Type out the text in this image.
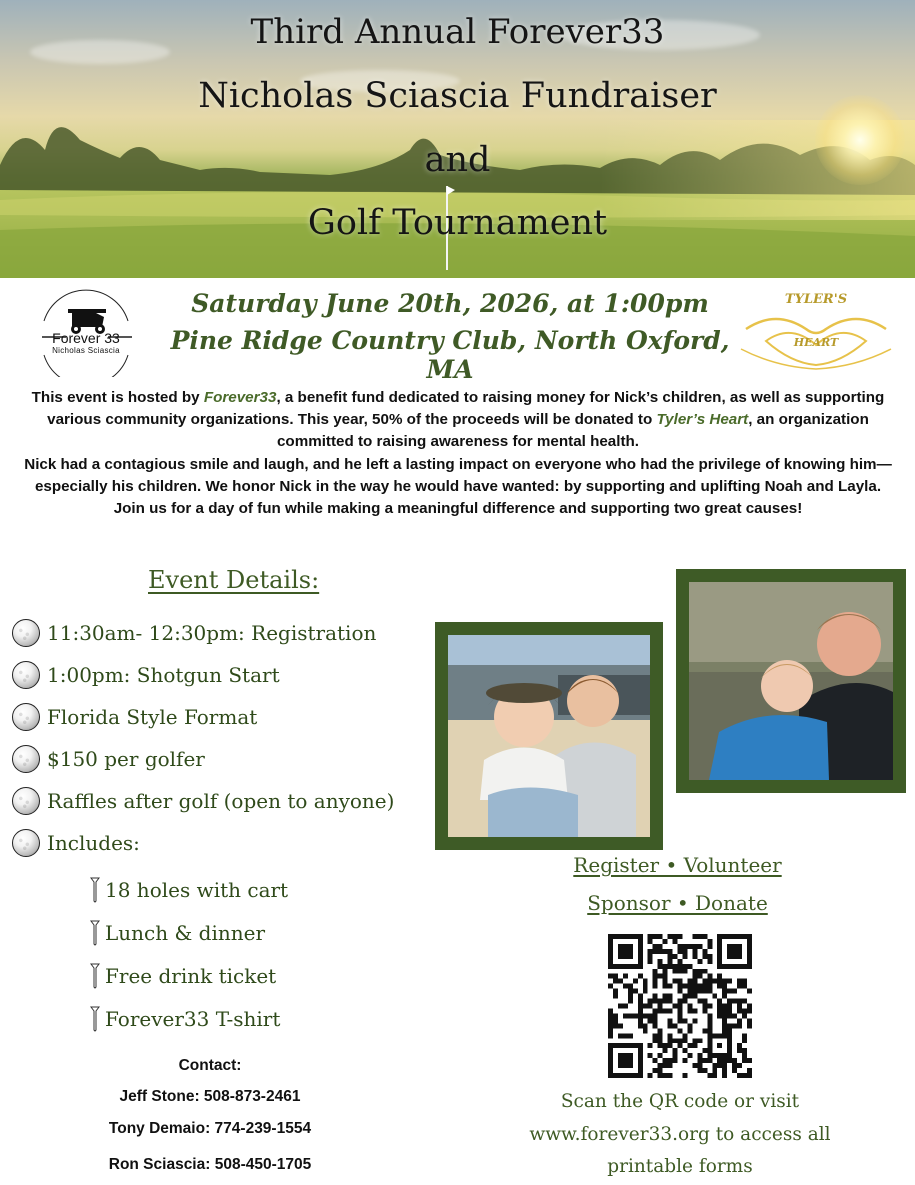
Third Annual Forever33
Nicholas Sciascia Fundraiser
and
Golf Tournament
Forever 33
Nicholas Sciascia
Saturday June 20th, 2026, at 1:00pm
Pine Ridge Country Club, North Oxford, MA
TYLER'S
HEART
This event is hosted by Forever33, a benefit fund dedicated to raising money for Nick’s children, as well as supporting various community organizations. This year, 50% of the proceeds will be donated to Tyler’s Heart, an organization committed to raising awareness for mental health.
Nick had a contagious smile and laugh, and he left a lasting impact on everyone who had the privilege of knowing him—especially his children. We honor Nick in the way he would have wanted: by supporting and uplifting Noah and Layla.
Join us for a day of fun while making a meaningful difference and supporting two great causes!
Event Details:
11:30am- 12:30pm: Registration
1:00pm: Shotgun Start
Florida Style Format
$150 per golfer
Raffles after golf (open to anyone)
Includes:
18 holes with cart
Lunch & dinner
Free drink ticket
Forever33 T-shirt
Contact:
Jeff Stone: 508-873-2461
Tony Demaio: 774-239-1554
Ron Sciascia: 508-450-1705
Register • Volunteer
Sponsor • Donate
Scan the QR code or visit
www.forever33.org to access all
printable forms
